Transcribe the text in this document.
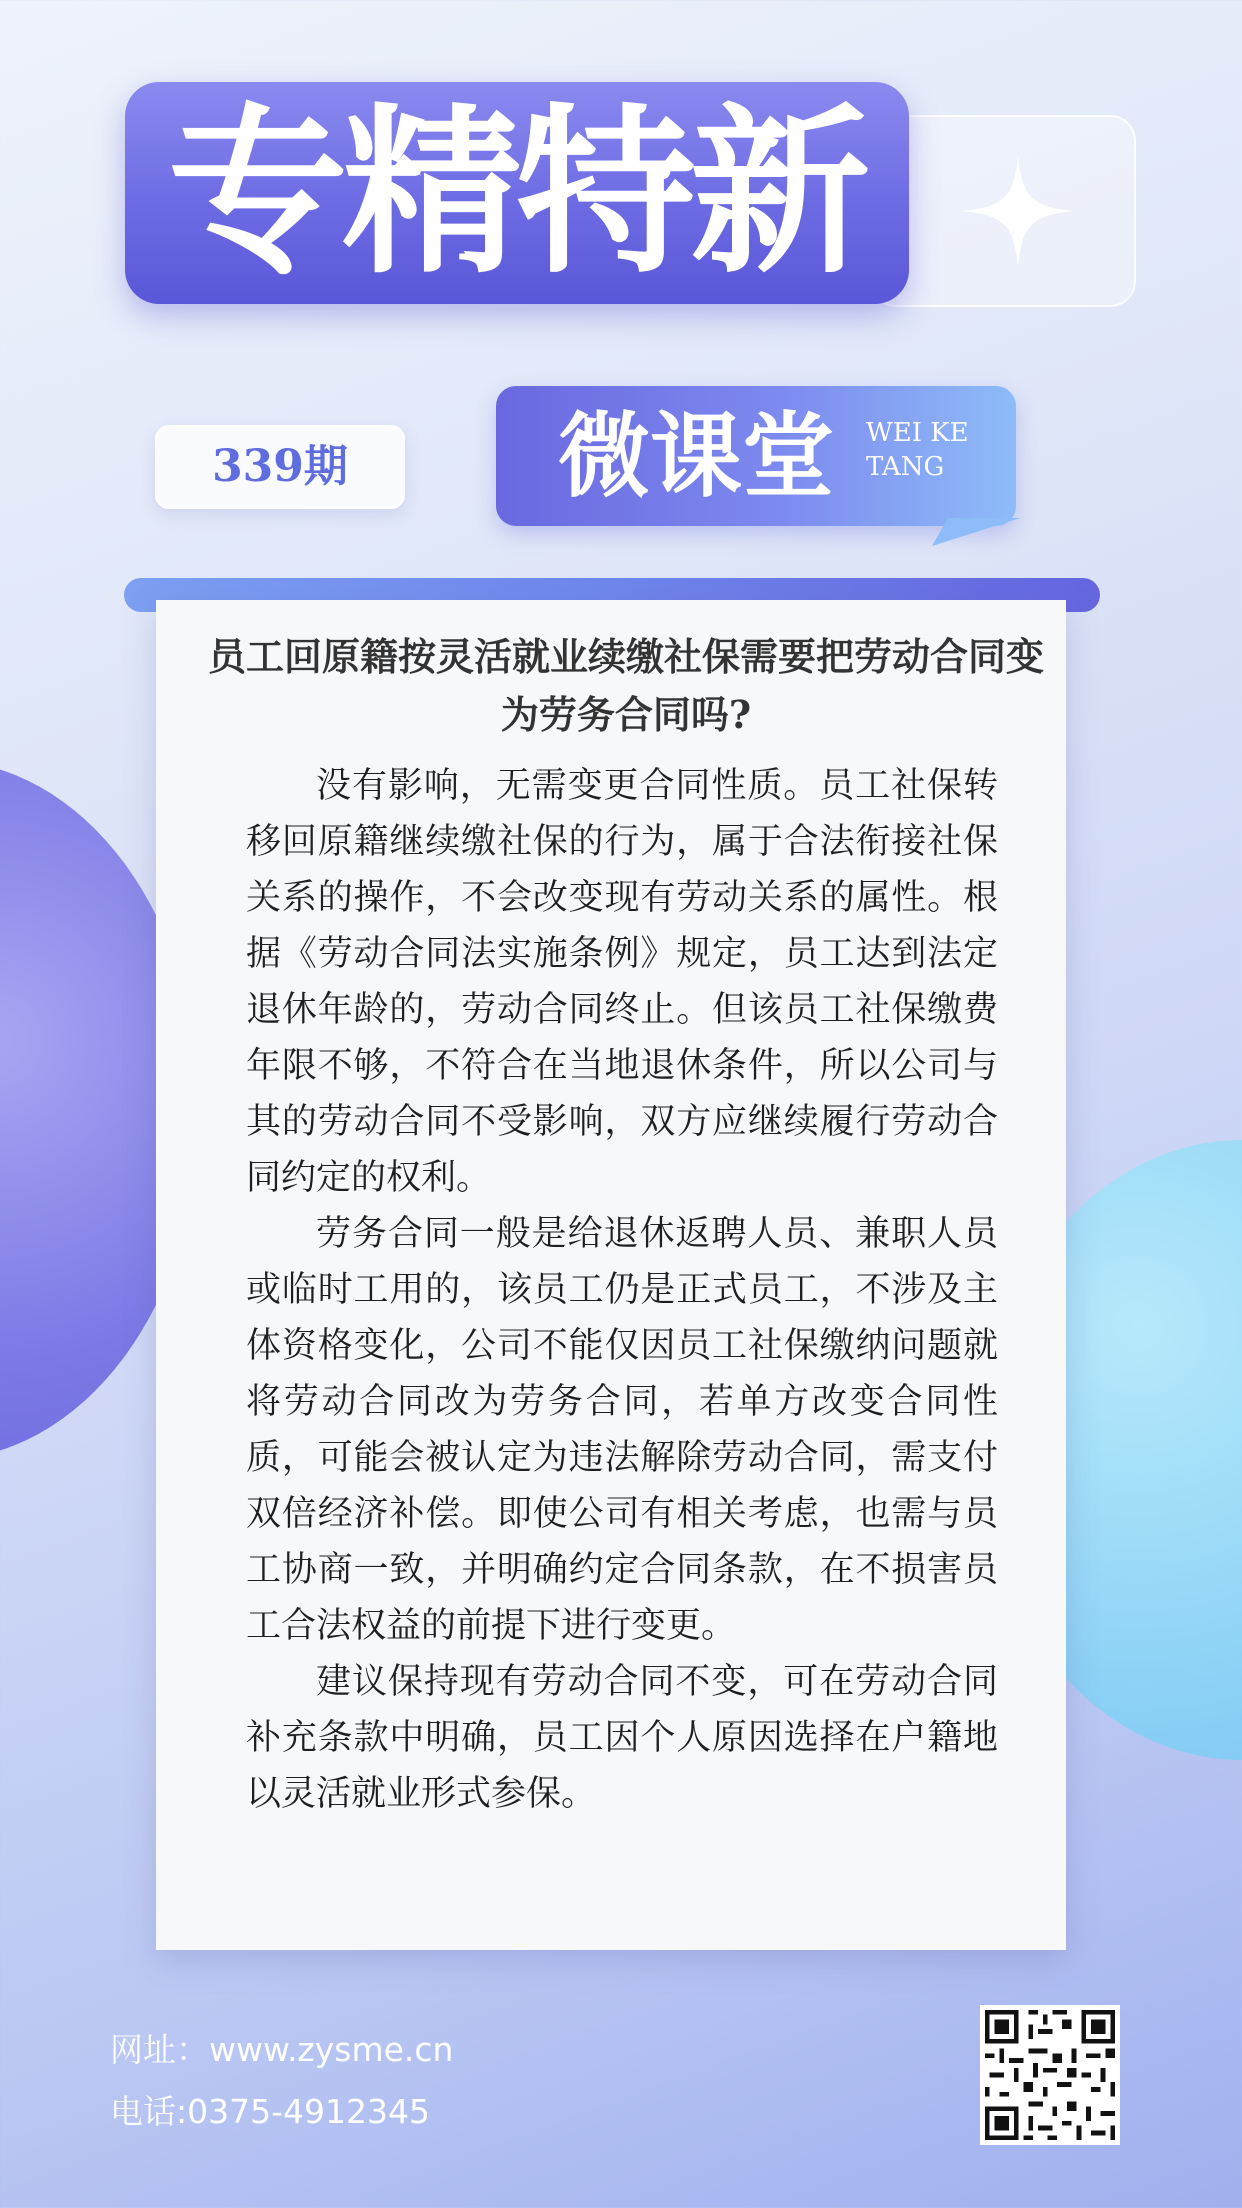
专精特新
339期	微课堂 WEI KE
TANG
员工回原籍按灵活就业续缴社保需要把劳动合同变为劳务合同吗?

没有影响，无需变更合同性质。员工社保转移回原籍继续缴社保的行为，属于合法衔接社保关系的操作，不会改变现有劳动关系的属性。根据《劳动合同法实施条例》规定，员工达到法定退休年龄的，劳动合同终止。但该员工社保缴费年限不够，不符合在当地退休条件，所以公司与其的劳动合同不受影响，双方应继续履行劳动合同约定的权利。

劳务合同一般是给退休返聘人员、兼职人员或临时工用的，该员工仍是正式员工，不涉及主体资格变化，公司不能仅因员工社保缴纳问题就将劳动合同改为劳务合同，若单方改变合同性质，可能会被认定为违法解除劳动合同，需支付双倍经济补偿。即使公司有相关考虑，也需与员工协商一致，并明确约定合同条款，在不损害员工合法权益的前提下进行变更。

建议保持现有劳动合同不变，可在劳动合同补充条款中明确，员工因个人原因选择在户籍地以灵活就业形式参保。

网址：www.zysme.cn
电话:0375-4912345
